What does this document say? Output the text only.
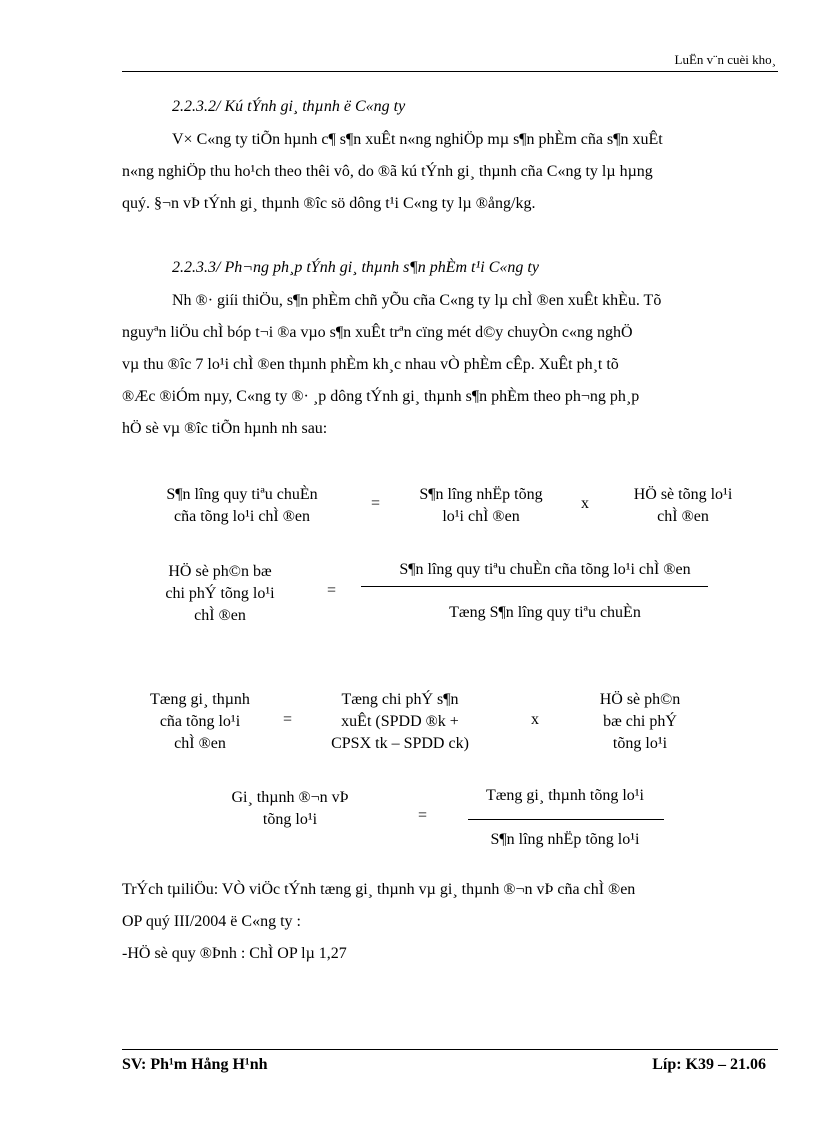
LuËn v¨n cuèi kho¸
2.2.3.2/ Kú tÝnh gi¸ thµnh ë C«ng ty

V× C«ng ty tiÕn hµnh c¶ s¶n xuÊt n«ng nghiÖp mµ s¶n phÈm cña s¶n xuÊt

n«ng nghiÖp thu ho¹ch theo thêi vô, do ®ã kú tÝnh gi¸ thµnh cña C«ng ty lµ hµng

quý. §¬n vÞ tÝnh gi¸ thµnh ®îc sö dông t¹i C«ng ty lµ ®ång/kg.

2.2.3.3/ Ph¬ng ph¸p tÝnh gi¸ thµnh s¶n phÈm t¹i C«ng ty

Nh ®· giíi thiÖu, s¶n phÈm chñ yÕu cña C«ng ty lµ chÌ ®en xuÊt khÈu. Tõ

nguyªn liÖu chÌ bóp t¬i ®a vµo s¶n xuÊt trªn cïng mét d©y chuyÒn c«ng nghÖ

vµ thu ®îc 7 lo¹i chÌ ®en thµnh phÈm kh¸c nhau vÒ phÈm cÊp. XuÊt ph¸t tõ

®Æc ®iÓm nµy, C«ng ty ®· ¸p dông tÝnh gi¸ thµnh s¶n phÈm theo ph¬ng ph¸p

hÖ sè vµ ®îc tiÕn hµnh nh sau:

S¶n lîng quy tiªu chuÈn
cña tõng lo¹i chÌ ®en
=
S¶n lîng nhËp tõng
lo¹i chÌ ®en
x
HÖ sè tõng lo¹i
chÌ ®en
HÖ sè ph©n bæ
chi phÝ tõng lo¹i
chÌ ®en
=
S¶n lîng quy tiªu chuÈn cña tõng lo¹i chÌ ®en
Tæng S¶n lîng quy tiªu chuÈn
Tæng gi¸ thµnh
cña tõng lo¹i
chÌ ®en
=
Tæng chi phÝ s¶n
xuÊt (SPDD ®k +
CPSX tk – SPDD ck)
x
HÖ sè ph©n
bæ chi phÝ
tõng lo¹i
Gi¸ thµnh ®¬n vÞ
tõng lo¹i	=
Tæng gi¸ thµnh tõng lo¹i
S¶n lîng nhËp tõng lo¹i

TrÝch tµiliÖu: VÒ viÖc tÝnh tæng gi¸ thµnh vµ gi¸ thµnh ®¬n vÞ cña chÌ ®en

OP quý III/2004 ë C«ng ty :

-HÖ sè quy ®Þnh : ChÌ OP lµ 1,27

SV: Ph¹m Hång H¹nh	Líp: K39 – 21.06
